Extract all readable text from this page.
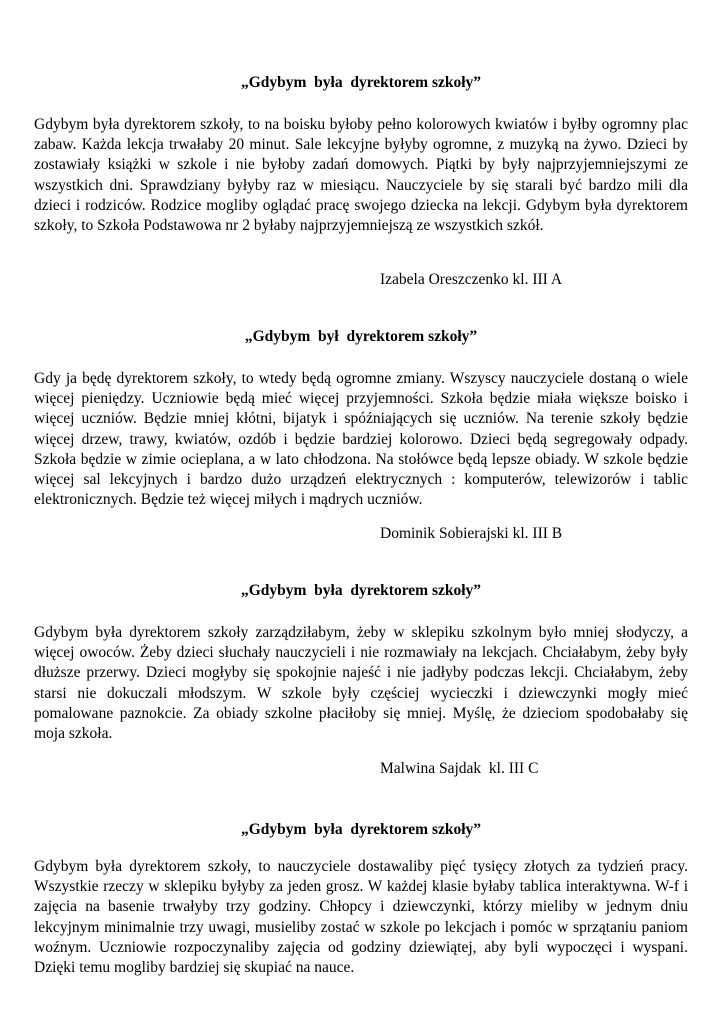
„Gdybym  była  dyrektorem szkoły”

Gdybym była dyrektorem szkoły, to na boisku byłoby pełno kolorowych kwiatów i byłby ogromny plac zabaw. Każda lekcja trwałaby 20 minut. Sale lekcyjne byłyby ogromne, z muzyką na żywo. Dzieci by zostawiały książki w szkole i nie byłoby zadań domowych. Piątki by były najprzyjemniejszymi ze wszystkich dni. Sprawdziany byłyby raz w miesiącu. Nauczyciele by się starali być bardzo mili dla dzieci i rodziców. Rodzice mogliby oglądać pracę swojego dziecka na lekcji. Gdybym była dyrektorem szkoły, to Szkoła Podstawowa nr 2 byłaby najprzyjemniejszą ze wszystkich szkół.

Izabela Oreszczenko kl. III A

„Gdybym  był  dyrektorem szkoły”

Gdy ja będę dyrektorem szkoły, to wtedy będą ogromne zmiany. Wszyscy nauczyciele dostaną o wiele więcej pieniędzy. Uczniowie będą mieć więcej przyjemności. Szkoła będzie miała większe boisko i więcej uczniów. Będzie mniej kłótni, bijatyk i spóźniających się uczniów. Na terenie szkoły będzie więcej drzew, trawy, kwiatów, ozdób i będzie bardziej kolorowo. Dzieci będą segregowały odpady. Szkoła będzie w zimie ocieplana, a w lato chłodzona. Na stołówce będą lepsze obiady. W szkole będzie więcej sal lekcyjnych i bardzo dużo urządzeń elektrycznych : komputerów, telewizorów i tablic elektronicznych. Będzie też więcej miłych i mądrych uczniów.

Dominik Sobierajski kl. III B

„Gdybym  była  dyrektorem szkoły”

Gdybym była dyrektorem szkoły zarządziłabym, żeby w sklepiku szkolnym było mniej słodyczy, a więcej owoców. Żeby dzieci słuchały nauczycieli i nie rozmawiały na lekcjach. Chciałabym, żeby były dłuższe przerwy. Dzieci mogłyby się spokojnie najeść i nie jadłyby podczas lekcji. Chciałabym, żeby starsi nie dokuczali młodszym. W szkole były częściej wycieczki i dziewczynki mogły mieć pomalowane paznokcie. Za obiady szkolne płaciłoby się mniej. Myślę, że dzieciom spodobałaby się moja szkoła.

Malwina Sajdak  kl. III C

„Gdybym  była  dyrektorem szkoły”

Gdybym była dyrektorem szkoły, to nauczyciele dostawaliby pięć tysięcy złotych za tydzień pracy. Wszystkie rzeczy w sklepiku byłyby za jeden grosz. W każdej klasie byłaby tablica interaktywna. W-f i zajęcia na basenie trwałyby trzy godziny. Chłopcy i dziewczynki, którzy mieliby w jednym dniu lekcyjnym minimalnie trzy uwagi, musieliby zostać w szkole po lekcjach i pomóc w sprzątaniu paniom woźnym. Uczniowie rozpoczynaliby zajęcia od godziny dziewiątej, aby byli wypoczęci i wyspani. Dzięki temu mogliby bardziej się skupiać na nauce.
